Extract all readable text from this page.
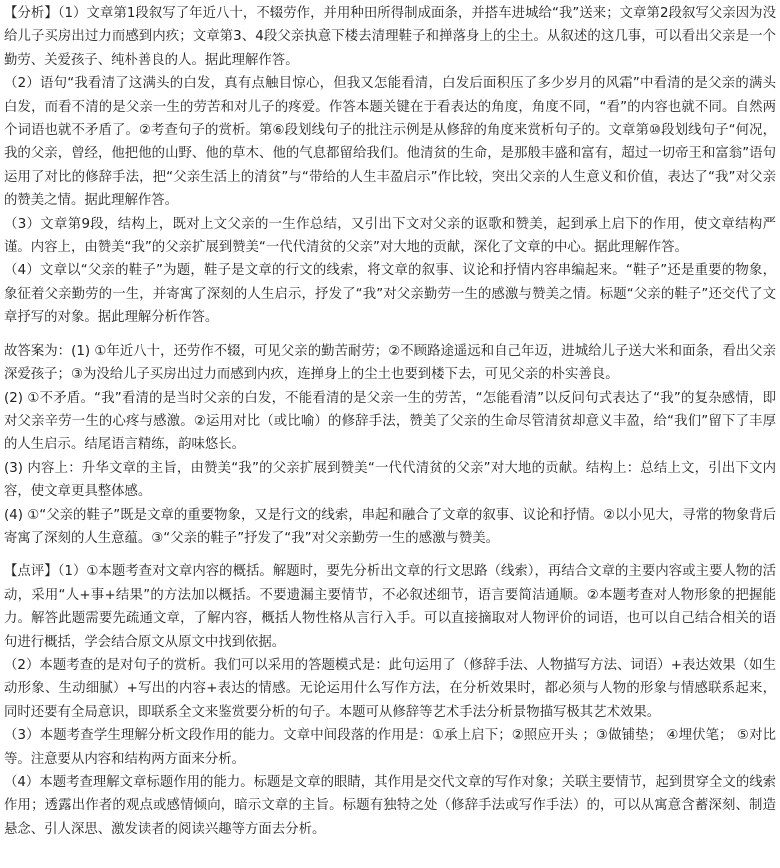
【分析】（1）文章第1段叙写了年近八十，不辍劳作，并用种田所得制成面条，并搭车进城给“我”送来；文章第2段叙写父亲因为没给儿子买房出过力而感到内疚；文章第3、4段父亲执意下楼去清理鞋子和掸落身上的尘土。从叙述的这几事，可以看出父亲是一个勤劳、关爱孩子、纯朴善良的人。据此理解作答。

（2）语句“我看清了这满头的白发，真有点触目惊心，但我又怎能看清，白发后面积压了多少岁月的风霜”中看清的是父亲的满头白发，而看不清的是父亲一生的劳苦和对儿子的疼爱。作答本题关键在于看表达的角度，角度不同，“看”的内容也就不同。自然两个词语也就不矛盾了。②考查句子的赏析。第⑥段划线句子的批注示例是从修辞的角度来赏析句子的。文章第⑩段划线句子“何况，我的父亲，曾经，他把他的山野、他的草木、他的气息都留给我们。他清贫的生命，是那般丰盛和富有，超过一切帝王和富翁”语句运用了对比的修辞手法，把“父亲生活上的清贫”与“带给的人生丰盈启示”作比较，突出父亲的人生意义和价值，表达了“我”对父亲的赞美之情。据此理解作答。

（3）文章第9段，结构上，既对上文父亲的一生作总结，又引出下文对父亲的讴歌和赞美，起到承上启下的作用，使文章结构严谨。内容上，由赞美“我”的父亲扩展到赞美“一代代清贫的父亲”对大地的贡献，深化了文章的中心。据此理解作答。

（4）文章以“父亲的鞋子”为题，鞋子是文章的行文的线索，将文章的叙事、议论和抒情内容串编起来。“鞋子”还是重要的物象，象征着父亲勤劳的一生，并寄寓了深刻的人生启示，抒发了“我”对父亲勤劳一生的感激与赞美之情。标题“父亲的鞋子”还交代了文章抒写的对象。据此理解分析作答。

故答案为：(1) ①年近八十，还劳作不辍，可见父亲的勤苦耐劳；②不顾路途遥远和自己年迈，进城给儿子送大米和面条，看出父亲深爱孩子；③为没给儿子买房出过力而感到内疚，连掸身上的尘土也要到楼下去，可见父亲的朴实善良。

(2) ①不矛盾。“我”看清的是当时父亲的白发，不能看清的是父亲一生的劳苦，“怎能看清”以反问句式表达了“我”的复杂感情，即对父亲辛劳一生的心疼与感激。②运用对比（或比喻）的修辞手法，赞美了父亲的生命尽管清贫却意义丰盈，给“我们”留下了丰厚的人生启示。结尾语言精练，韵味悠长。

(3) 内容上：升华文章的主旨，由赞美“我”的父亲扩展到赞美“一代代清贫的父亲”对大地的贡献。结构上：总结上文，引出下文内容，使文章更具整体感。

(4) ①“父亲的鞋子”既是文章的重要物象，又是行文的线索，串起和融合了文章的叙事、议论和抒情。②以小见大，寻常的物象背后寄寓了深刻的人生意蕴。③“父亲的鞋子”抒发了“我”对父亲勤劳一生的感激与赞美。

【点评】（1）①本题考查对文章内容的概括。解题时，要先分析出文章的行文思路（线索），再结合文章的主要内容或主要人物的活动，采用“人+事+结果”的方法加以概括。不要遗漏主要情节，不必叙述细节，语言要简洁通顺。②本题考查对人物形象的把握能力。解答此题需要先疏通文章，了解内容，概括人物性格从言行入手。可以直接摘取对人物评价的词语，也可以自己结合相关的语句进行概括，学会结合原文从原文中找到依据。

（2）本题考查的是对句子的赏析。我们可以采用的答题模式是：此句运用了（修辞手法、人物描写方法、词语）+表达效果（如生动形象、生动细腻）+写出的内容+表达的情感。无论运用什么写作方法，在分析效果时，都必须与人物的形象与情感联系起来，同时还要有全局意识，即联系全文来鉴赏要分析的句子。本题可从修辞等艺术手法分析景物描写极其艺术效果。

（3）本题考查学生理解分析文段作用的能力。文章中间段落的作用是：①承上启下；②照应开头 ；③做铺垫； ④埋伏笔； ⑤对比等。注意要从内容和结构两方面来分析。

（4）本题考查理解文章标题作用的能力。标题是文章的眼睛，其作用是交代文章的写作对象；关联主要情节，起到贯穿全文的线索作用；透露出作者的观点或感情倾向，暗示文章的主旨。标题有独特之处（修辞手法或写作手法）的，可以从寓意含蓄深刻、制造悬念、引人深思、激发读者的阅读兴趣等方面去分析。
